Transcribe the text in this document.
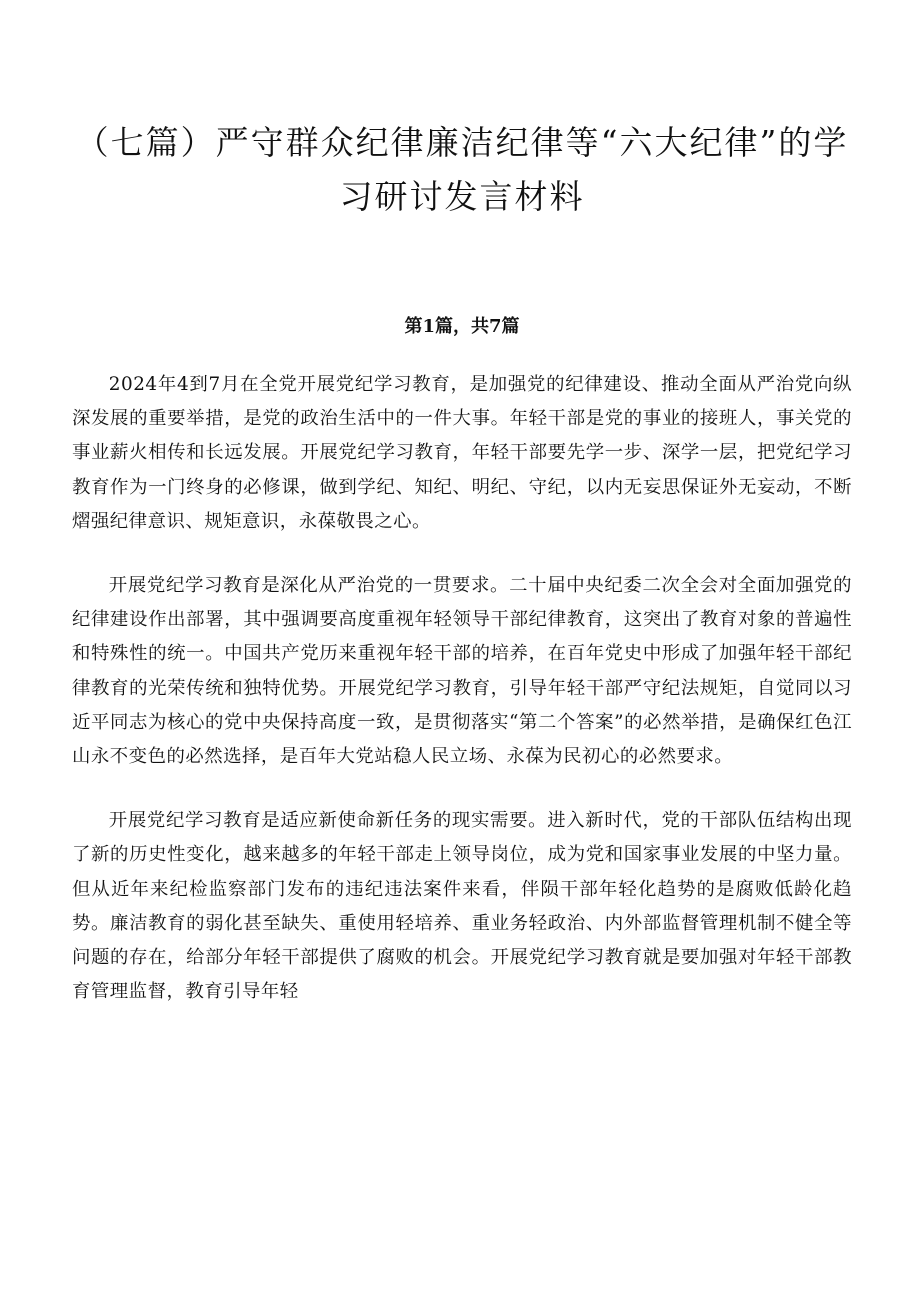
（七篇）严守群众纪律廉洁纪律等“六大纪律”的学习研讨发言材料
第1篇，共7篇

2024年4到7月在全党开展党纪学习教育，是加强党的纪律建设、推动全面从严治党向纵深发展的重要举措，是党的政治生活中的一件大事。年轻干部是党的事业的接班人，事关党的事业薪火相传和长远发展。开展党纪学习教育，年轻干部要先学一步、深学一层，把党纪学习教育作为一门终身的必修课，做到学纪、知纪、明纪、守纪，以内无妄思保证外无妄动，不断熠强纪律意识、规矩意识，永葆敬畏之心。

开展党纪学习教育是深化从严治党的一贯要求。二十届中央纪委二次全会对全面加强党的纪律建设作出部署，其中强调要高度重视年轻领导干部纪律教育，这突出了教育对象的普遍性和特殊性的统一。中国共产党历来重视年轻干部的培养，在百年党史中形成了加强年轻干部纪律教育的光荣传统和独特优势。开展党纪学习教育，引导年轻干部严守纪法规矩，自觉同以习近平同志为核心的党中央保持高度一致，是贯彻落实“第二个答案”的必然举措，是确保红色江山永不变色的必然选择，是百年大党站稳人民立场、永葆为民初心的必然要求。

开展党纪学习教育是适应新使命新任务的现实需要。进入新时代，党的干部队伍结构出现了新的历史性变化，越来越多的年轻干部走上领导岗位，成为党和国家事业发展的中坚力量。但从近年来纪检监察部门发布的违纪违法案件来看，伴陨干部年轻化趋势的是腐败低龄化趋势。廉洁教育的弱化甚至缺失、重使用轻培养、重业务轻政治、内外部监督管理机制不健全等问题的存在，给部分年轻干部提供了腐败的机会。开展党纪学习教育就是要加强对年轻干部教育管理监督，教育引导年轻
